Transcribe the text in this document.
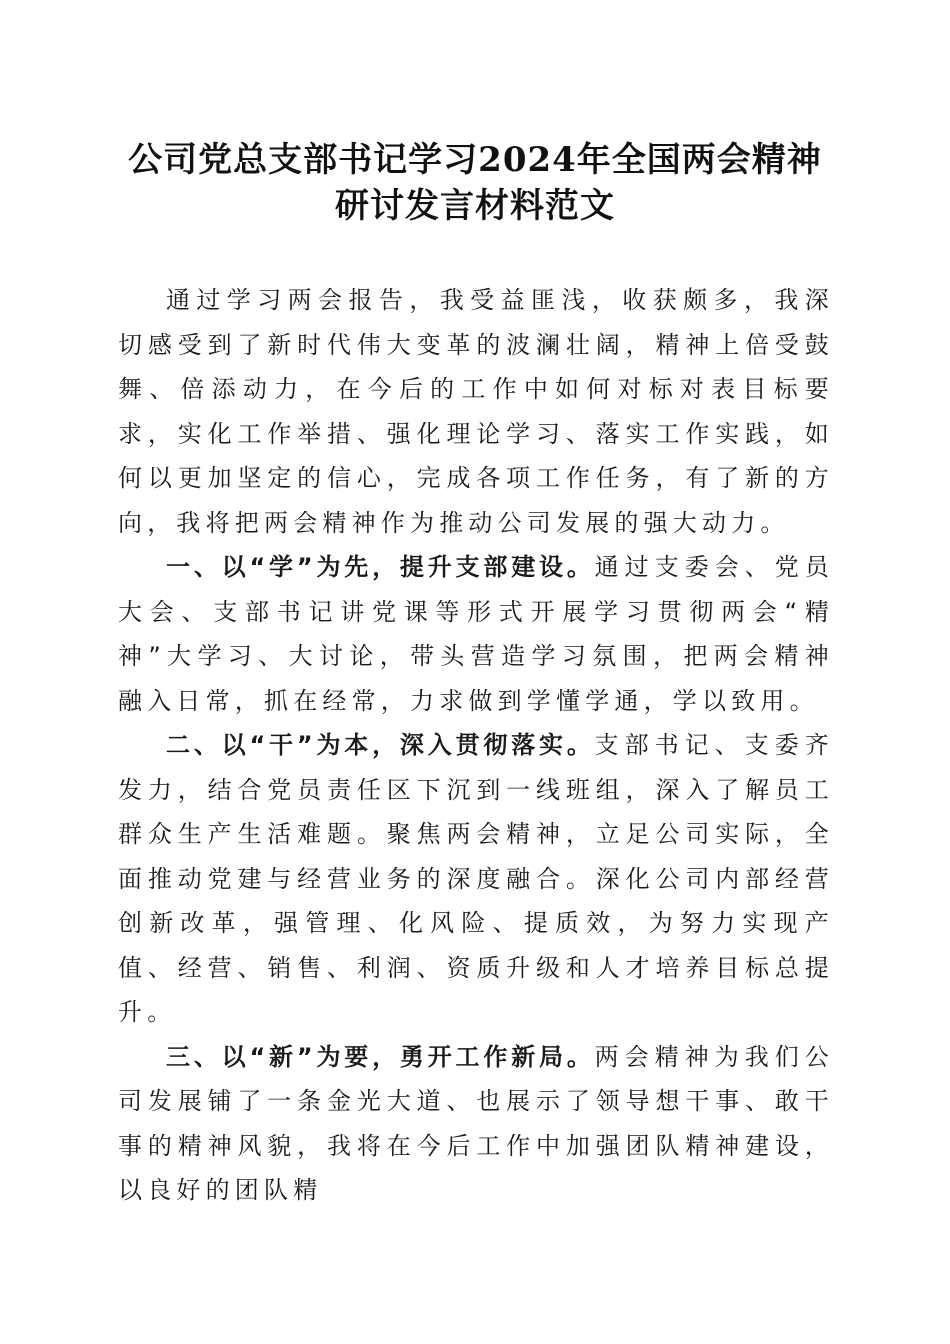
公司党总支部书记学习2024年全国两会精神
研讨发言材料范文

通过学习两会报告，我受益匪浅，收获颇多，我深切感受到了新时代伟大变革的波澜壮阔，精神上倍受鼓舞、倍添动力，在今后的工作中如何对标对表目标要求，实化工作举措、强化理论学习、落实工作实践，如何以更加坚定的信心，完成各项工作任务，有了新的方向，我将把两会精神作为推动公司发展的强大动力。

一、以“学”为先，提升支部建设。通过支委会、党员大会、支部书记讲党课等形式开展学习贯彻两会“精神”大学习、大讨论，带头营造学习氛围，把两会精神融入日常，抓在经常，力求做到学懂学通，学以致用。

二、以“干”为本，深入贯彻落实。支部书记、支委齐发力，结合党员责任区下沉到一线班组，深入了解员工群众生产生活难题。聚焦两会精神，立足公司实际，全面推动党建与经营业务的深度融合。深化公司内部经营创新改革，强管理、化风险、提质效，为努力实现产值、经营、销售、利润、资质升级和人才培养目标总提升。

三、以“新”为要，勇开工作新局。两会精神为我们公司发展铺了一条金光大道、也展示了领导想干事、敢干事的精神风貌，我将在今后工作中加强团队精神建设，以良好的团队精
